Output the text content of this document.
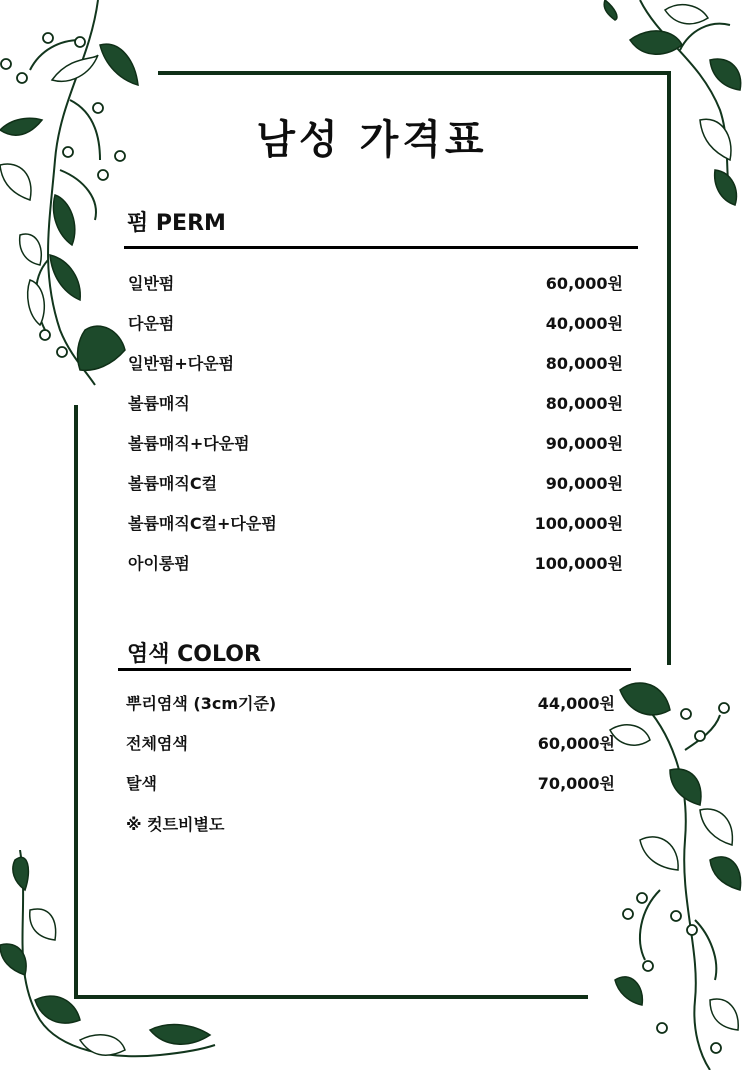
남성 가격표
펌 PERM
일반펌	60,000원
다운펌	40,000원
일반펌+다운펌	80,000원
볼륨매직	80,000원
볼륨매직+다운펌	90,000원
볼륨매직C컬	90,000원
볼륨매직C컬+다운펌	100,000원
아이롱펌	100,000원
염색 COLOR
뿌리염색 (3cm기준)	44,000원
전체염색	60,000원
탈색	70,000원
※ 컷트비별도
